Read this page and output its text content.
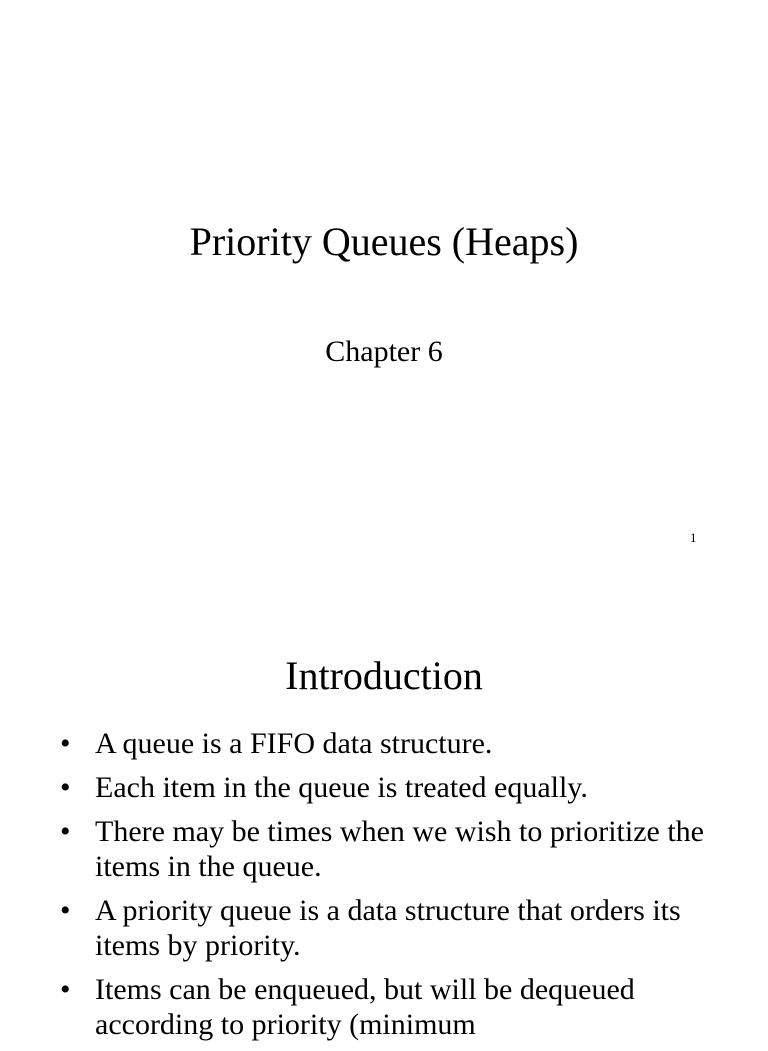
Priority Queues (Heaps)
Chapter 6
1
Introduction
• A queue is a FIFO data structure.
• Each item in the queue is treated equally.
• There may be times when we wish to prioritize the items in the queue.
• A priority queue is a data structure that orders its items by priority.
• Items can be enqueued, but will be dequeued according to priority (minimum
